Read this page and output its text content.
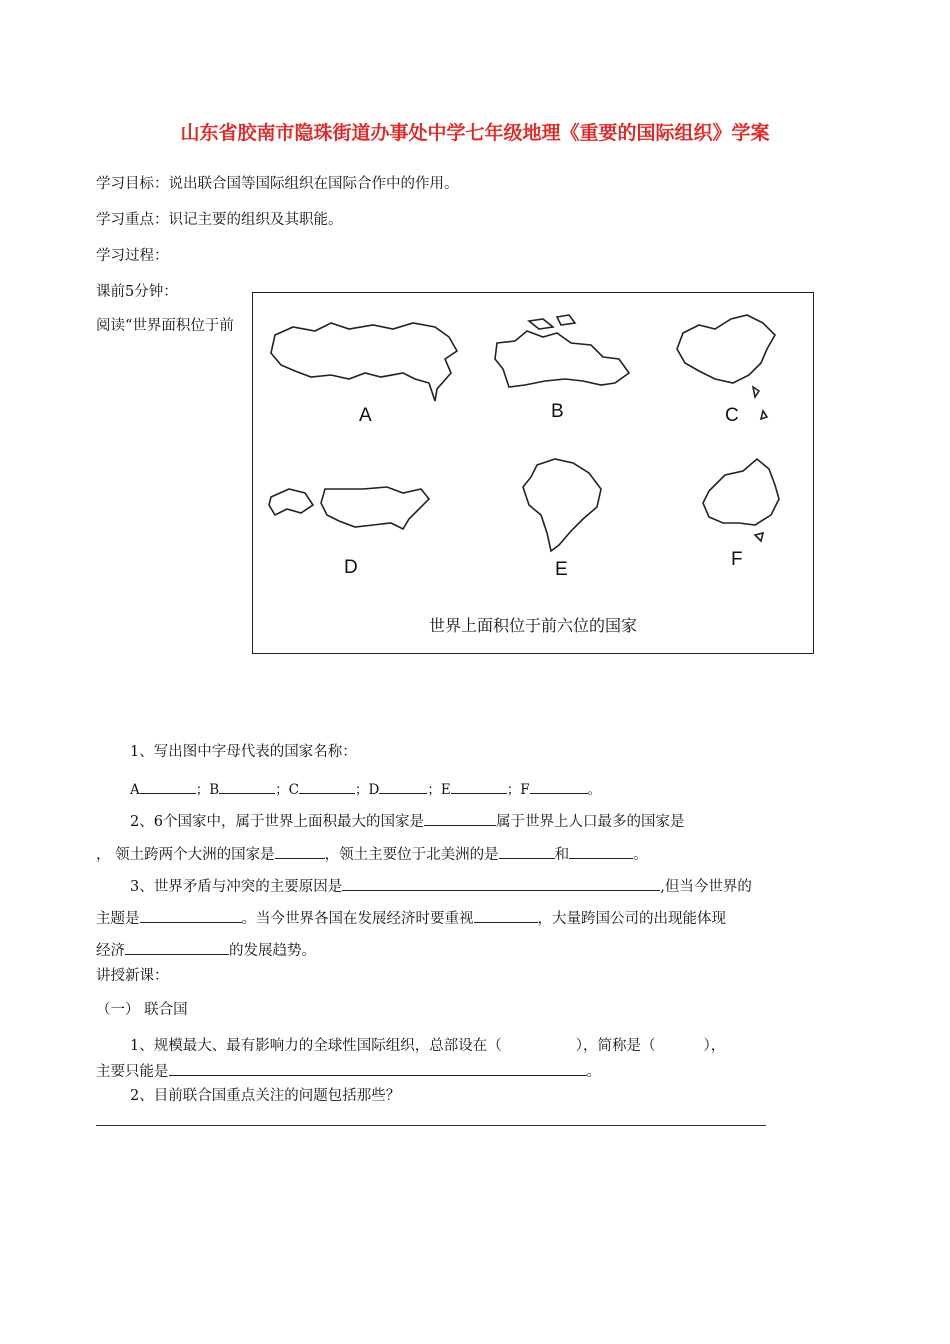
山东省胶南市隐珠街道办事处中学七年级地理《重要的国际组织》学案
学习目标：说出联合国等国际组织在国际合作中的作用。
学习重点：识记主要的组织及其职能。
学习过程：
课前5分钟：
阅读“世界面积位于前
A	B	C
D	E	F
世界上面积位于前六位的国家
1、写出图中字母代表的国家名称：
A	；B	；C	；D	；E	；F	。
2、6个国家中，属于世界上面积最大的国家是	属于世界上人口最多的国家是
， 领土跨两个大洲的国家是	，领土主要位于北美洲的是	和	。
3、世界矛盾与冲突的主要原因是	,但当今世界的
主题是	。当今世界各国在发展经济时要重视	，大量跨国公司的出现能体现
经济	的发展趋势。
讲授新课：
（一） 联合国
1、规模最大、最有影响力的全球性国际组织，总部设在（	），简称是（	），
主要只能是	。
2、目前联合国重点关注的问题包括那些？
